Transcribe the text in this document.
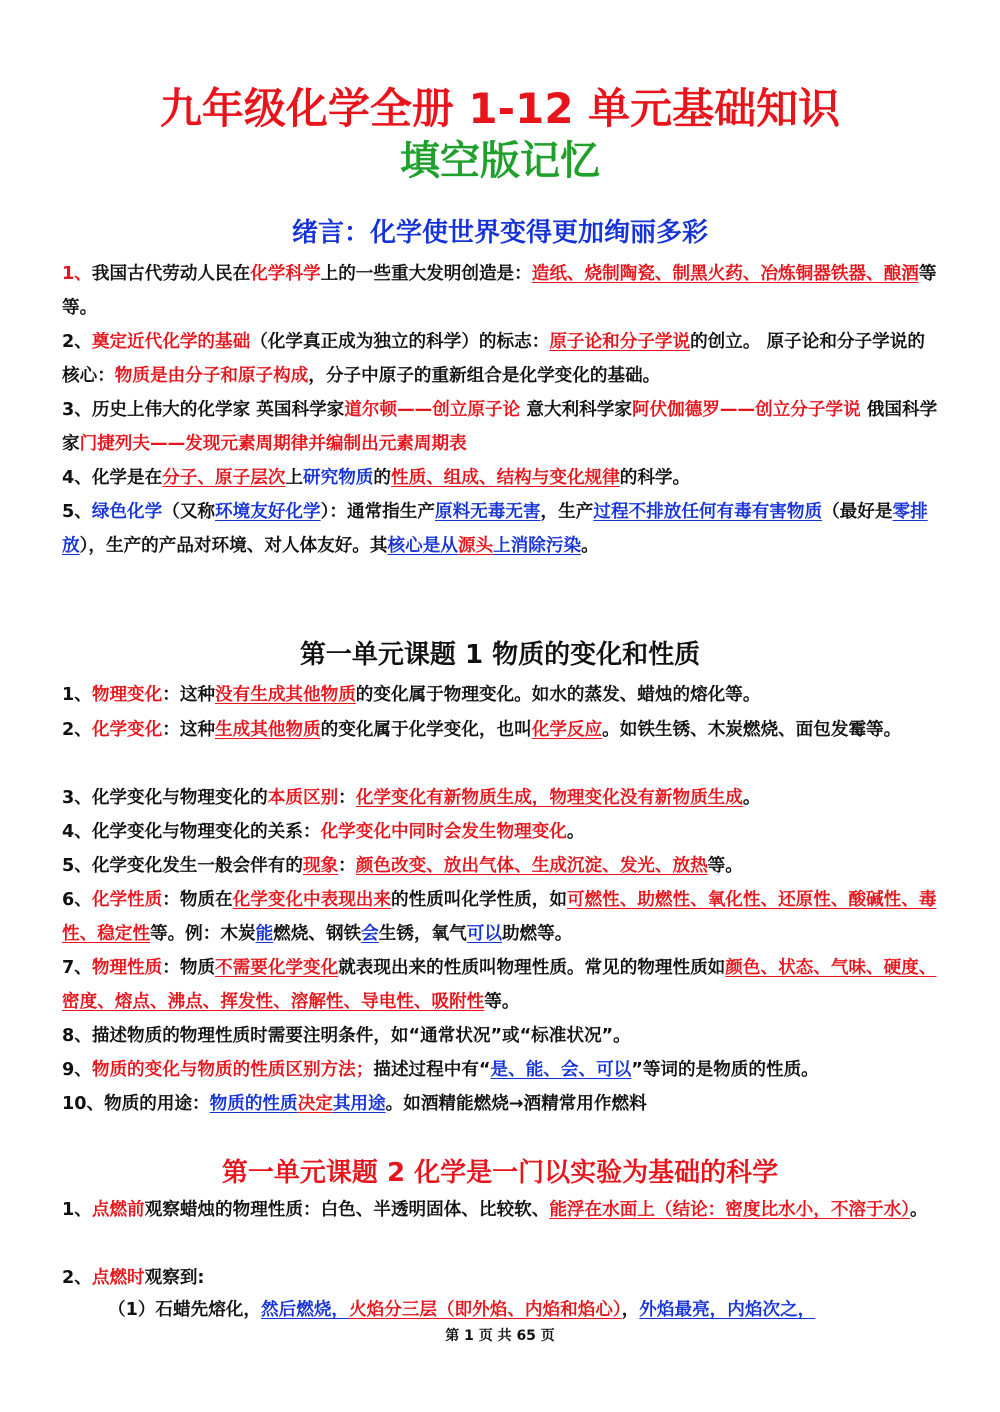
九年级化学全册 1-12 单元基础知识
填空版记忆
绪言：化学使世界变得更加绚丽多彩
1、我国古代劳动人民在化学科学上的一些重大发明创造是：造纸、烧制陶瓷、制黑火药、冶炼铜器铁器、酿酒等等。
2、奠定近代化学的基础（化学真正成为独立的科学）的标志：原子论和分子学说的创立。 原子论和分子学说的核心：物质是由分子和原子构成，分子中原子的重新组合是化学变化的基础。
3、历史上伟大的化学家 英国科学家道尔顿——创立原子论 意大利科学家阿伏伽德罗——创立分子学说 俄国科学家门捷列夫——发现元素周期律并编制出元素周期表
4、化学是在分子、原子层次上研究物质的性质、组成、结构与变化规律的科学。
5、绿色化学（又称环境友好化学）：通常指生产原料无毒无害，生产过程不排放任何有毒有害物质（最好是零排放），生产的产品对环境、对人体友好。其核心是从源头上消除污染。
第一单元课题 1 物质的变化和性质
1、物理变化：这种没有生成其他物质的变化属于物理变化。如水的蒸发、蜡烛的熔化等。
2、化学变化：这种生成其他物质的变化属于化学变化，也叫化学反应。如铁生锈、木炭燃烧、面包发霉等。
3、化学变化与物理变化的本质区别：化学变化有新物质生成，物理变化没有新物质生成。
4、化学变化与物理变化的关系：化学变化中同时会发生物理变化。
5、化学变化发生一般会伴有的现象：颜色改变、放出气体、生成沉淀、发光、放热等。
6、化学性质：物质在化学变化中表现出来的性质叫化学性质，如可燃性、助燃性、氧化性、还原性、酸碱性、毒性、稳定性等。例：木炭能燃烧、钢铁会生锈，氧气可以助燃等。
7、物理性质：物质不需要化学变化就表现出来的性质叫物理性质。常见的物理性质如颜色、状态、气味、硬度、密度、熔点、沸点、挥发性、溶解性、导电性、吸附性等。
8、描述物质的物理性质时需要注明条件，如“通常状况”或“标准状况”。
9、物质的变化与物质的性质区别方法；描述过程中有“是、能、会、可以”等词的是物质的性质。
10、物质的用途：物质的性质决定其用途。如酒精能燃烧→酒精常用作燃料
第一单元课题 2 化学是一门以实验为基础的科学
1、点燃前观察蜡烛的物理性质：白色、半透明固体、比较软、能浮在水面上（结论：密度比水小，不溶于水）。
2、点燃时观察到:
（1）石蜡先熔化，然后燃烧，火焰分三层（即外焰、内焰和焰心），外焰最亮，内焰次之，
第 1 页 共 65 页
